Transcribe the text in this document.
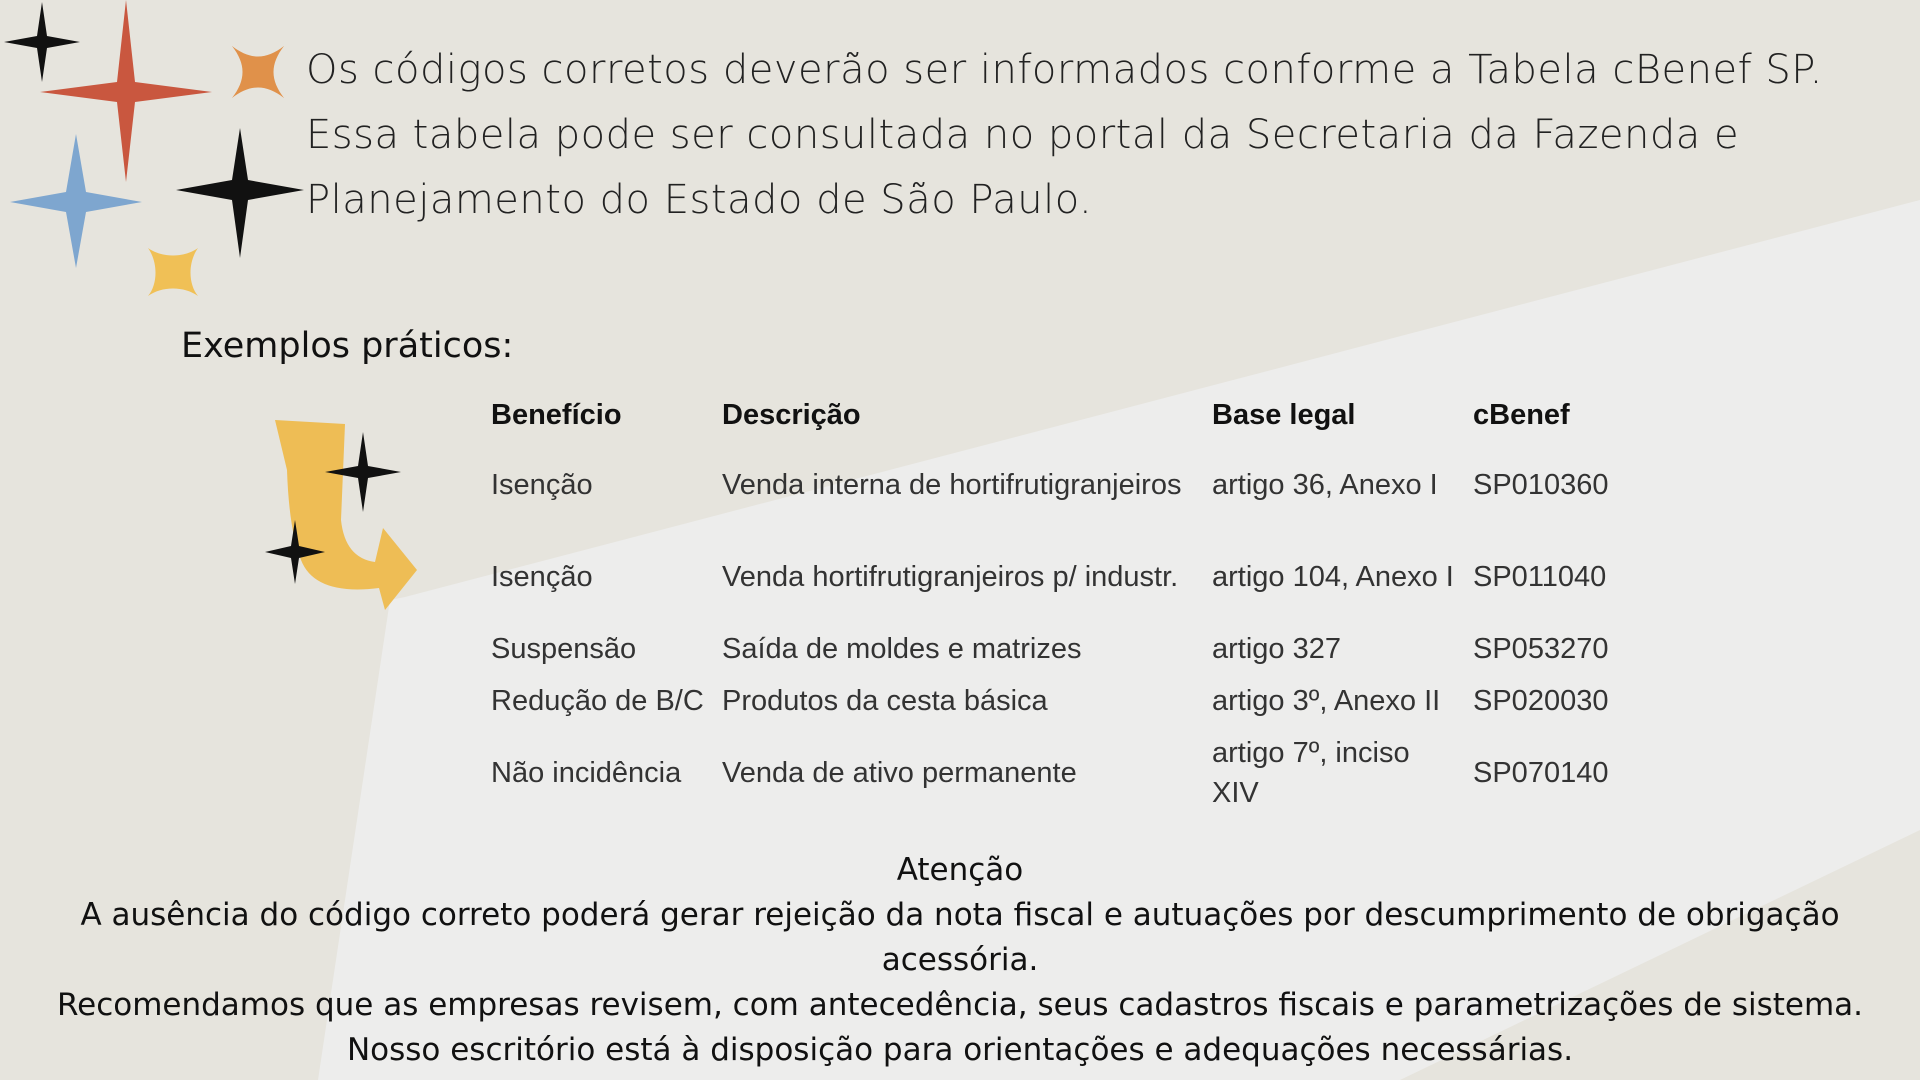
Os códigos corretos deverão ser informados conforme a Tabela cBenef SP. Essa tabela pode ser consultada no portal da Secretaria da Fazenda e Planejamento do Estado de São Paulo.

Exemplos práticos:
Benefício	Descrição	Base legal	cBenef
Isenção	Venda interna de hortifrutigranjeiros	artigo 36, Anexo I	SP010360
Isenção	Venda hortifrutigranjeiros p/ industr.	artigo 104, Anexo I	SP011040
Suspensão	Saída de moldes e matrizes	artigo 327	SP053270
Redução de B/C	Produtos da cesta básica	artigo 3º, Anexo II	SP020030
Não incidência	Venda de ativo permanente	artigo 7º, inciso XIV	SP070140

Atenção

A ausência do código correto poderá gerar rejeição da nota fiscal e autuações por descumprimento de obrigação acessória.

Recomendamos que as empresas revisem, com antecedência, seus cadastros fiscais e parametrizações de sistema.

Nosso escritório está à disposição para orientações e adequações necessárias.
